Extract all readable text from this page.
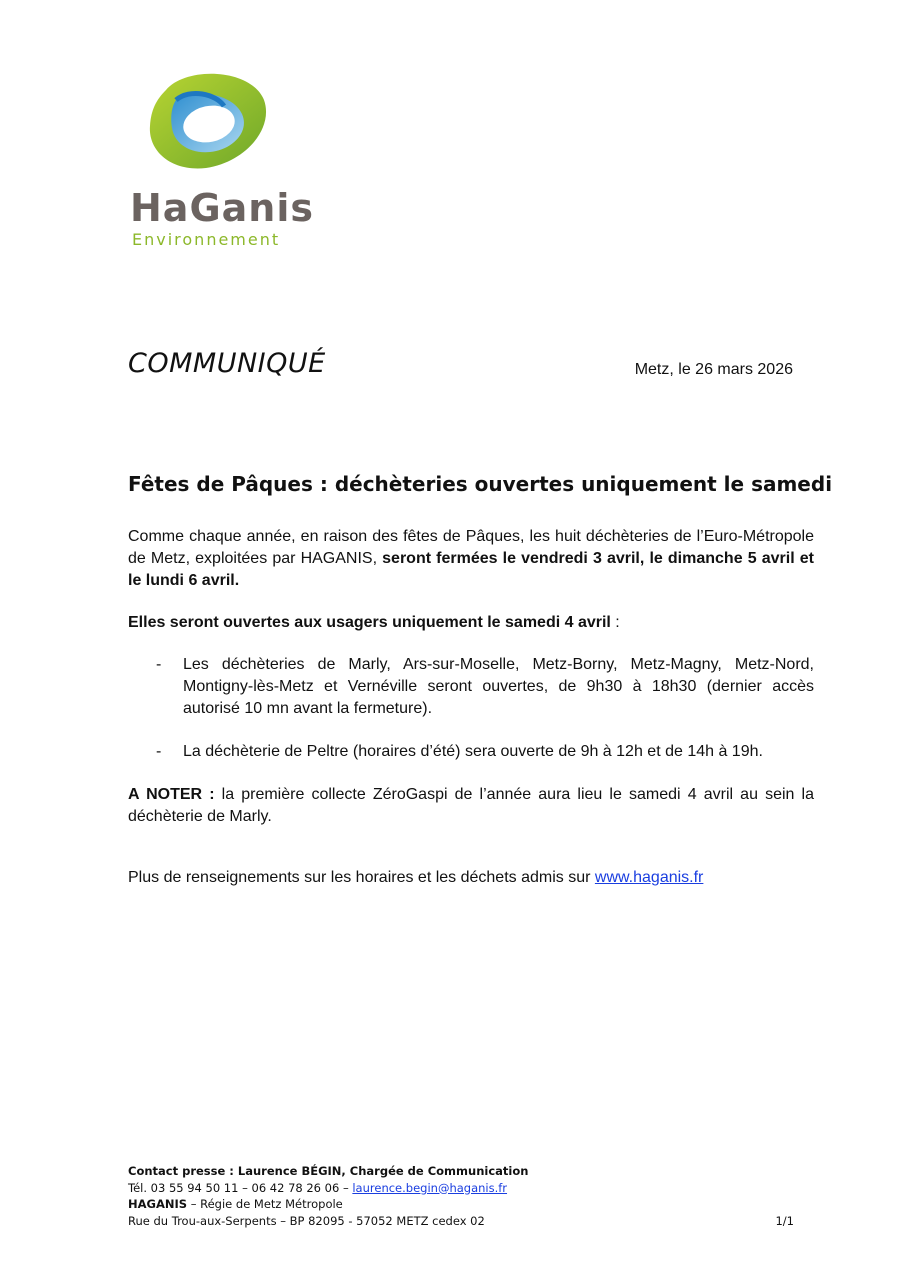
HaGanis
Environnement
COMMUNIQUÉ	Metz, le 26 mars 2026
Fêtes de Pâques : déchèteries ouvertes uniquement le samedi
Comme chaque année, en raison des fêtes de Pâques, les huit déchèteries de l’Euro-Métropole de Metz, exploitées par HAGANIS, seront fermées le vendredi 3 avril, le dimanche 5 avril et le lundi 6 avril.
Elles seront ouvertes aux usagers uniquement le samedi 4 avril :
- Les déchèteries de Marly, Ars-sur-Moselle, Metz-Borny, Metz-Magny, Metz-Nord, Montigny-lès-Metz et Vernéville seront ouvertes, de 9h30 à 18h30 (dernier accès autorisé 10 mn avant la fermeture).
- La déchèterie de Peltre (horaires d’été) sera ouverte de 9h à 12h et de 14h à 19h.
A NOTER : la première collecte ZéroGaspi de l’année aura lieu le samedi 4 avril au sein la déchèterie de Marly.
Plus de renseignements sur les horaires et les déchets admis sur www.haganis.fr
Contact presse : Laurence BÉGIN, Chargée de Communication
Tél. 03 55 94 50 11 – 06 42 78 26 06 – laurence.begin@haganis.fr
HAGANIS – Régie de Metz Métropole
Rue du Trou-aux-Serpents – BP 82095 - 57052 METZ cedex 02	1/1
